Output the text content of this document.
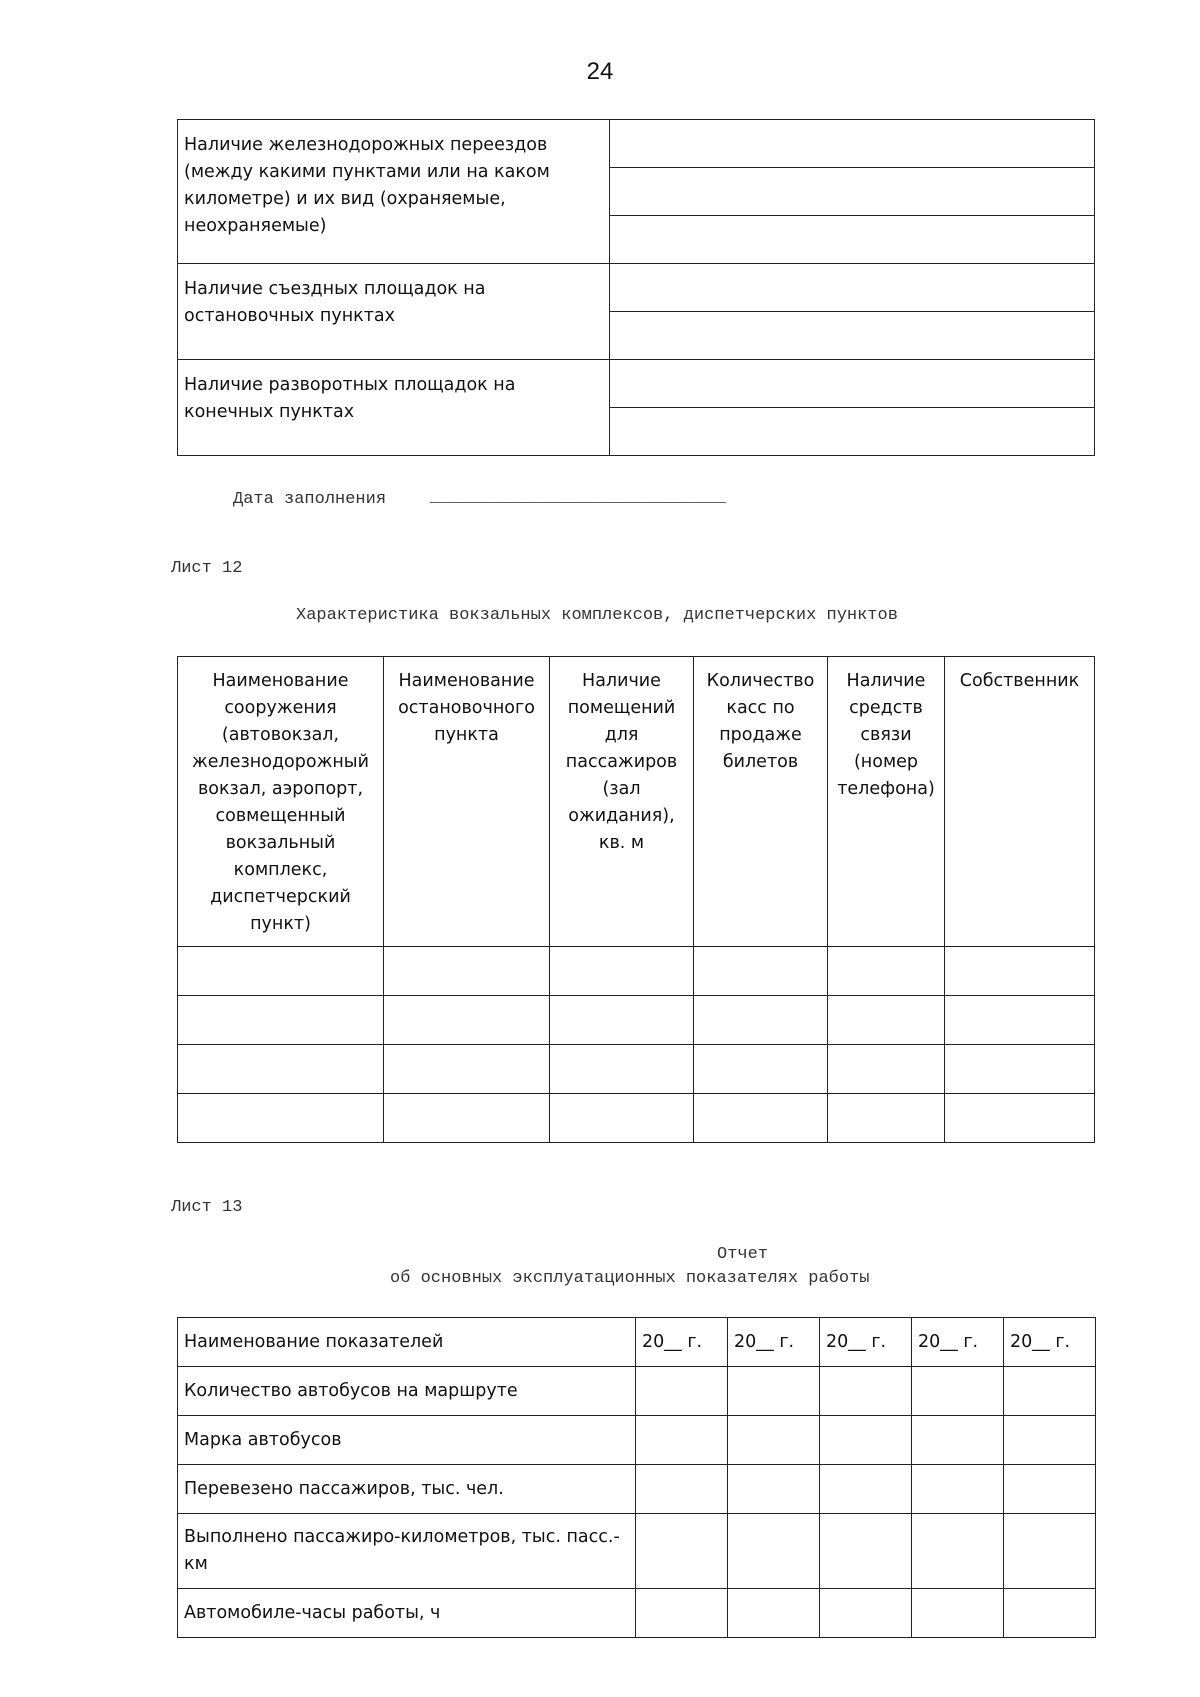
24
Наличие железнодорожных переездов (между какими пунктами или на каком километре) и их вид (охраняемые, неохраняемые)	

Наличие съездных площадок на остановочных пунктах	

Наличие разворотных площадок на конечных пунктах	

Дата заполнения	_____________________________
Лист 12
Характеристика вокзальных комплексов, диспетчерских пунктов
Наименование сооружения (автовокзал, железнодорожный вокзал, аэропорт, совмещенный вокзальный комплекс, диспетчерский пункт)	Наименование остановочного пункта	Наличие помещений для пассажиров (зал ожидания), кв. м	Количество касс по продаже билетов	Наличие средств связи (номер телефона)	Собственник

Лист 13
Отчет
об основных эксплуатационных показателях работы
Наименование показателей	20__ г.	20__ г.	20__ г.	20__ г.	20__ г.
Количество автобусов на маршруте					
Марка автобусов					
Перевезено пассажиров, тыс. чел.					
Выполнено пассажиро-километров, тыс. пасс.-км					
Автомобиле-часы работы, ч					
